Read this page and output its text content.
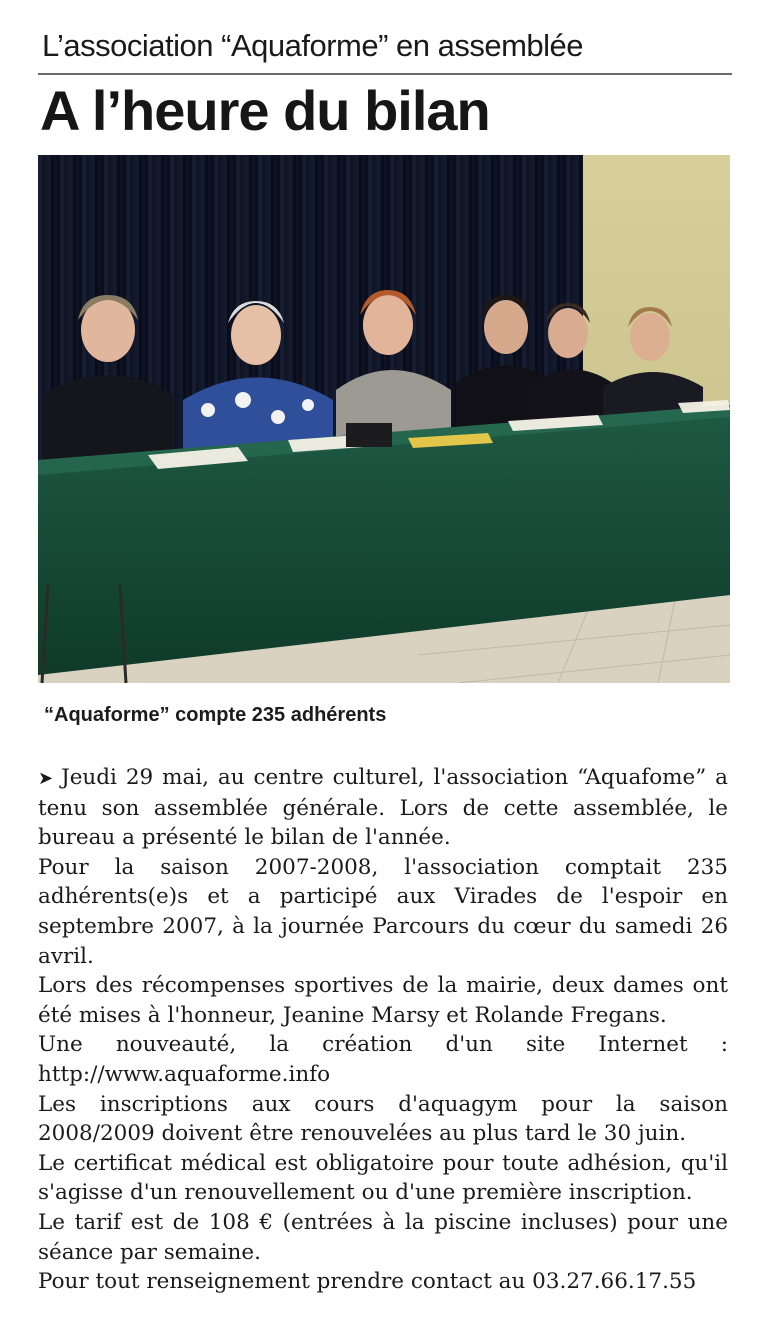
L’association “Aquaforme” en assemblée
A l’heure du bilan
“Aquaforme” compte 235 adhérents

➤ Jeudi 29 mai, au centre culturel, l'association “Aquafome” a tenu son assemblée générale. Lors de cette assemblée, le bureau a présenté le bilan de l'année.

Pour la saison 2007-2008, l'association comptait 235 adhérents(e)s et a participé aux Virades de l'espoir en septembre 2007, à la journée Parcours du cœur du samedi 26 avril.

Lors des récompenses sportives de la mairie, deux dames ont été mises à l'honneur, Jeanine Marsy et Rolande Fregans.

Une nouveauté, la création d'un site Internet : http://www.aquaforme.info

Les inscriptions aux cours d'aquagym pour la saison 2008/2009 doivent être renouvelées au plus tard le 30 juin.

Le certificat médical est obligatoire pour toute adhésion, qu'il s'agisse d'un renouvellement ou d'une première inscription.

Le tarif est de 108 € (entrées à la piscine incluses) pour une séance par semaine.

Pour tout renseignement prendre contact au 03.27.66.17.55
